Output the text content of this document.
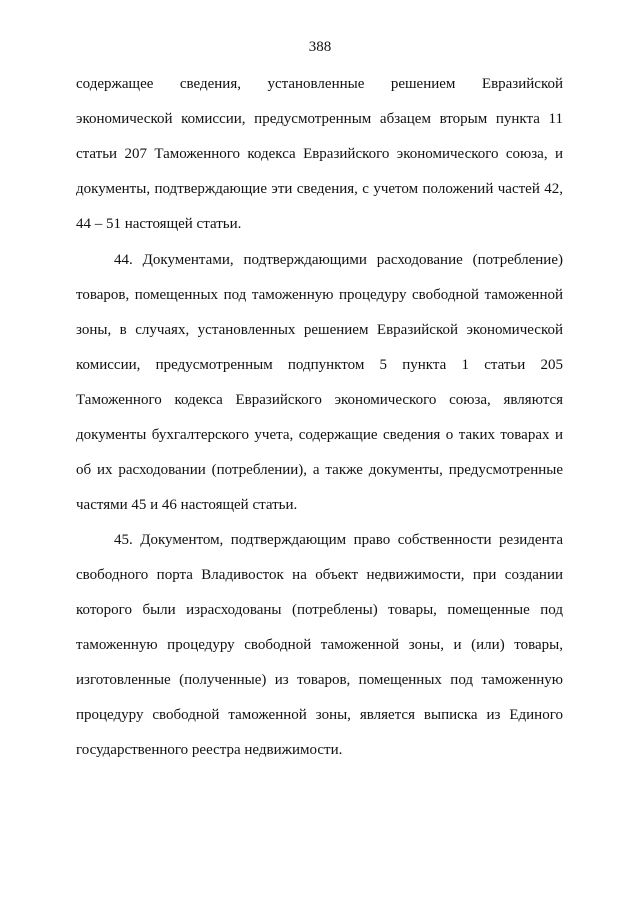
388
содержащее сведения, установленные решением Евразийской
экономической комиссии, предусмотренным абзацем вторым пункта 11
статьи 207 Таможенного кодекса Евразийского экономического союза, и
документы, подтверждающие эти сведения, с учетом положений частей 42,
44 – 51 настоящей статьи.
44. Документами, подтверждающими расходование (потребление)
товаров, помещенных под таможенную процедуру свободной таможенной
зоны, в случаях, установленных решением Евразийской экономической
комиссии, предусмотренным подпунктом 5 пункта 1 статьи 205
Таможенного кодекса Евразийского экономического союза, являются
документы бухгалтерского учета, содержащие сведения о таких товарах и
об их расходовании (потреблении), а также документы, предусмотренные
частями 45 и 46 настоящей статьи.
45. Документом, подтверждающим право собственности резидента
свободного порта Владивосток на объект недвижимости, при создании
которого были израсходованы (потреблены) товары, помещенные под
таможенную процедуру свободной таможенной зоны, и (или) товары,
изготовленные (полученные) из товаров, помещенных под таможенную
процедуру свободной таможенной зоны, является выписка из Единого
государственного реестра недвижимости.
